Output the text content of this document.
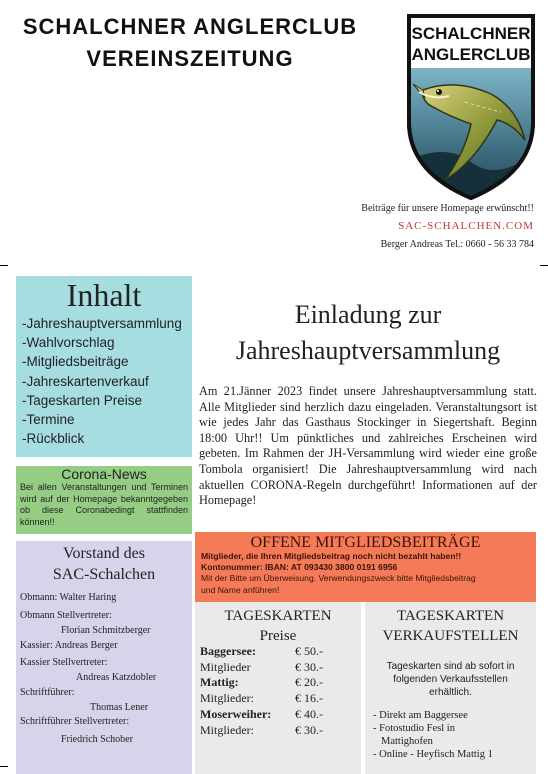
SCHALCHNER ANGLERCLUB
VEREINSZEITUNG
SCHALCHNER
ANGLERCLUB
Beiträge für unsere Homepage erwünscht!!
SAC-SCHALCHEN.COM
Berger Andreas Tel.: 0660 - 56 33 784
Inhalt
-Jahreshauptversammlung
-Wahlvorschlag
-Mitgliedsbeiträge
-Jahreskartenverkauf
-Tageskarten Preise
-Termine
-Rückblick
Corona-News
Bei allen Veranstaltungen und Terminen wird auf der Homepage bekanntgegeben ob diese Coronabedingt stattfinden können!!
Vorstand des
SAC-Schalchen
Obmann: Walter Haring
Obmann Stellvertreter:
Florian Schmitzberger
Kassier: Andreas Berger
Kassier Stellvertreter:
Andreas Katzdobler
Schriftführer:
Thomas Lener
Schriftführer Stellvertreter:
Friedrich Schober
Einladung zur
Jahreshauptversammlung
Am 21.Jänner 2023 findet unsere Jahreshauptversammlung statt. Alle Mitglieder sind herzlich dazu eingeladen. Veranstaltungsort ist wie jedes Jahr das Gasthaus Stockinger in Siegertshaft. Beginn 18:00 Uhr!! Um pünktliches und zahlreiches Erscheinen wird gebeten. Im Rahmen der JH-Versammlung wird wieder eine große Tombola organisiert! Die Jahreshauptversammlung wird nach aktuellen CORONA-Regeln durchgeführt! Informationen auf der Homepage!
OFFENE MITGLIEDSBEITRÄGE
Mitglieder, die Ihren Mitgliedsbeitrag noch nicht bezahlt haben!!
Kontonummer: IBAN: AT 093430 3800 0191 6956
Mit der Bitte um Überweisung. Verwendungszweck bitte Mitgliedsbeitrag
und Name anführen!
TAGESKARTEN
Preise
Baggersee:	€ 50.-
Mitglieder	€ 30.-
Mattig:	€ 20.-
Mitglieder:	€ 16.-
Moserweiher: € 40.-
Mitglieder:	€ 30.-
TAGESKARTEN
VERKAUFSTELLEN
Tageskarten sind ab sofort in
folgenden Verkaufsstellen
erhältlich.
- Direkt am Baggersee
- Fotostudio Fesl in
Mattighofen
- Online - Heyfisch Mattig 1
